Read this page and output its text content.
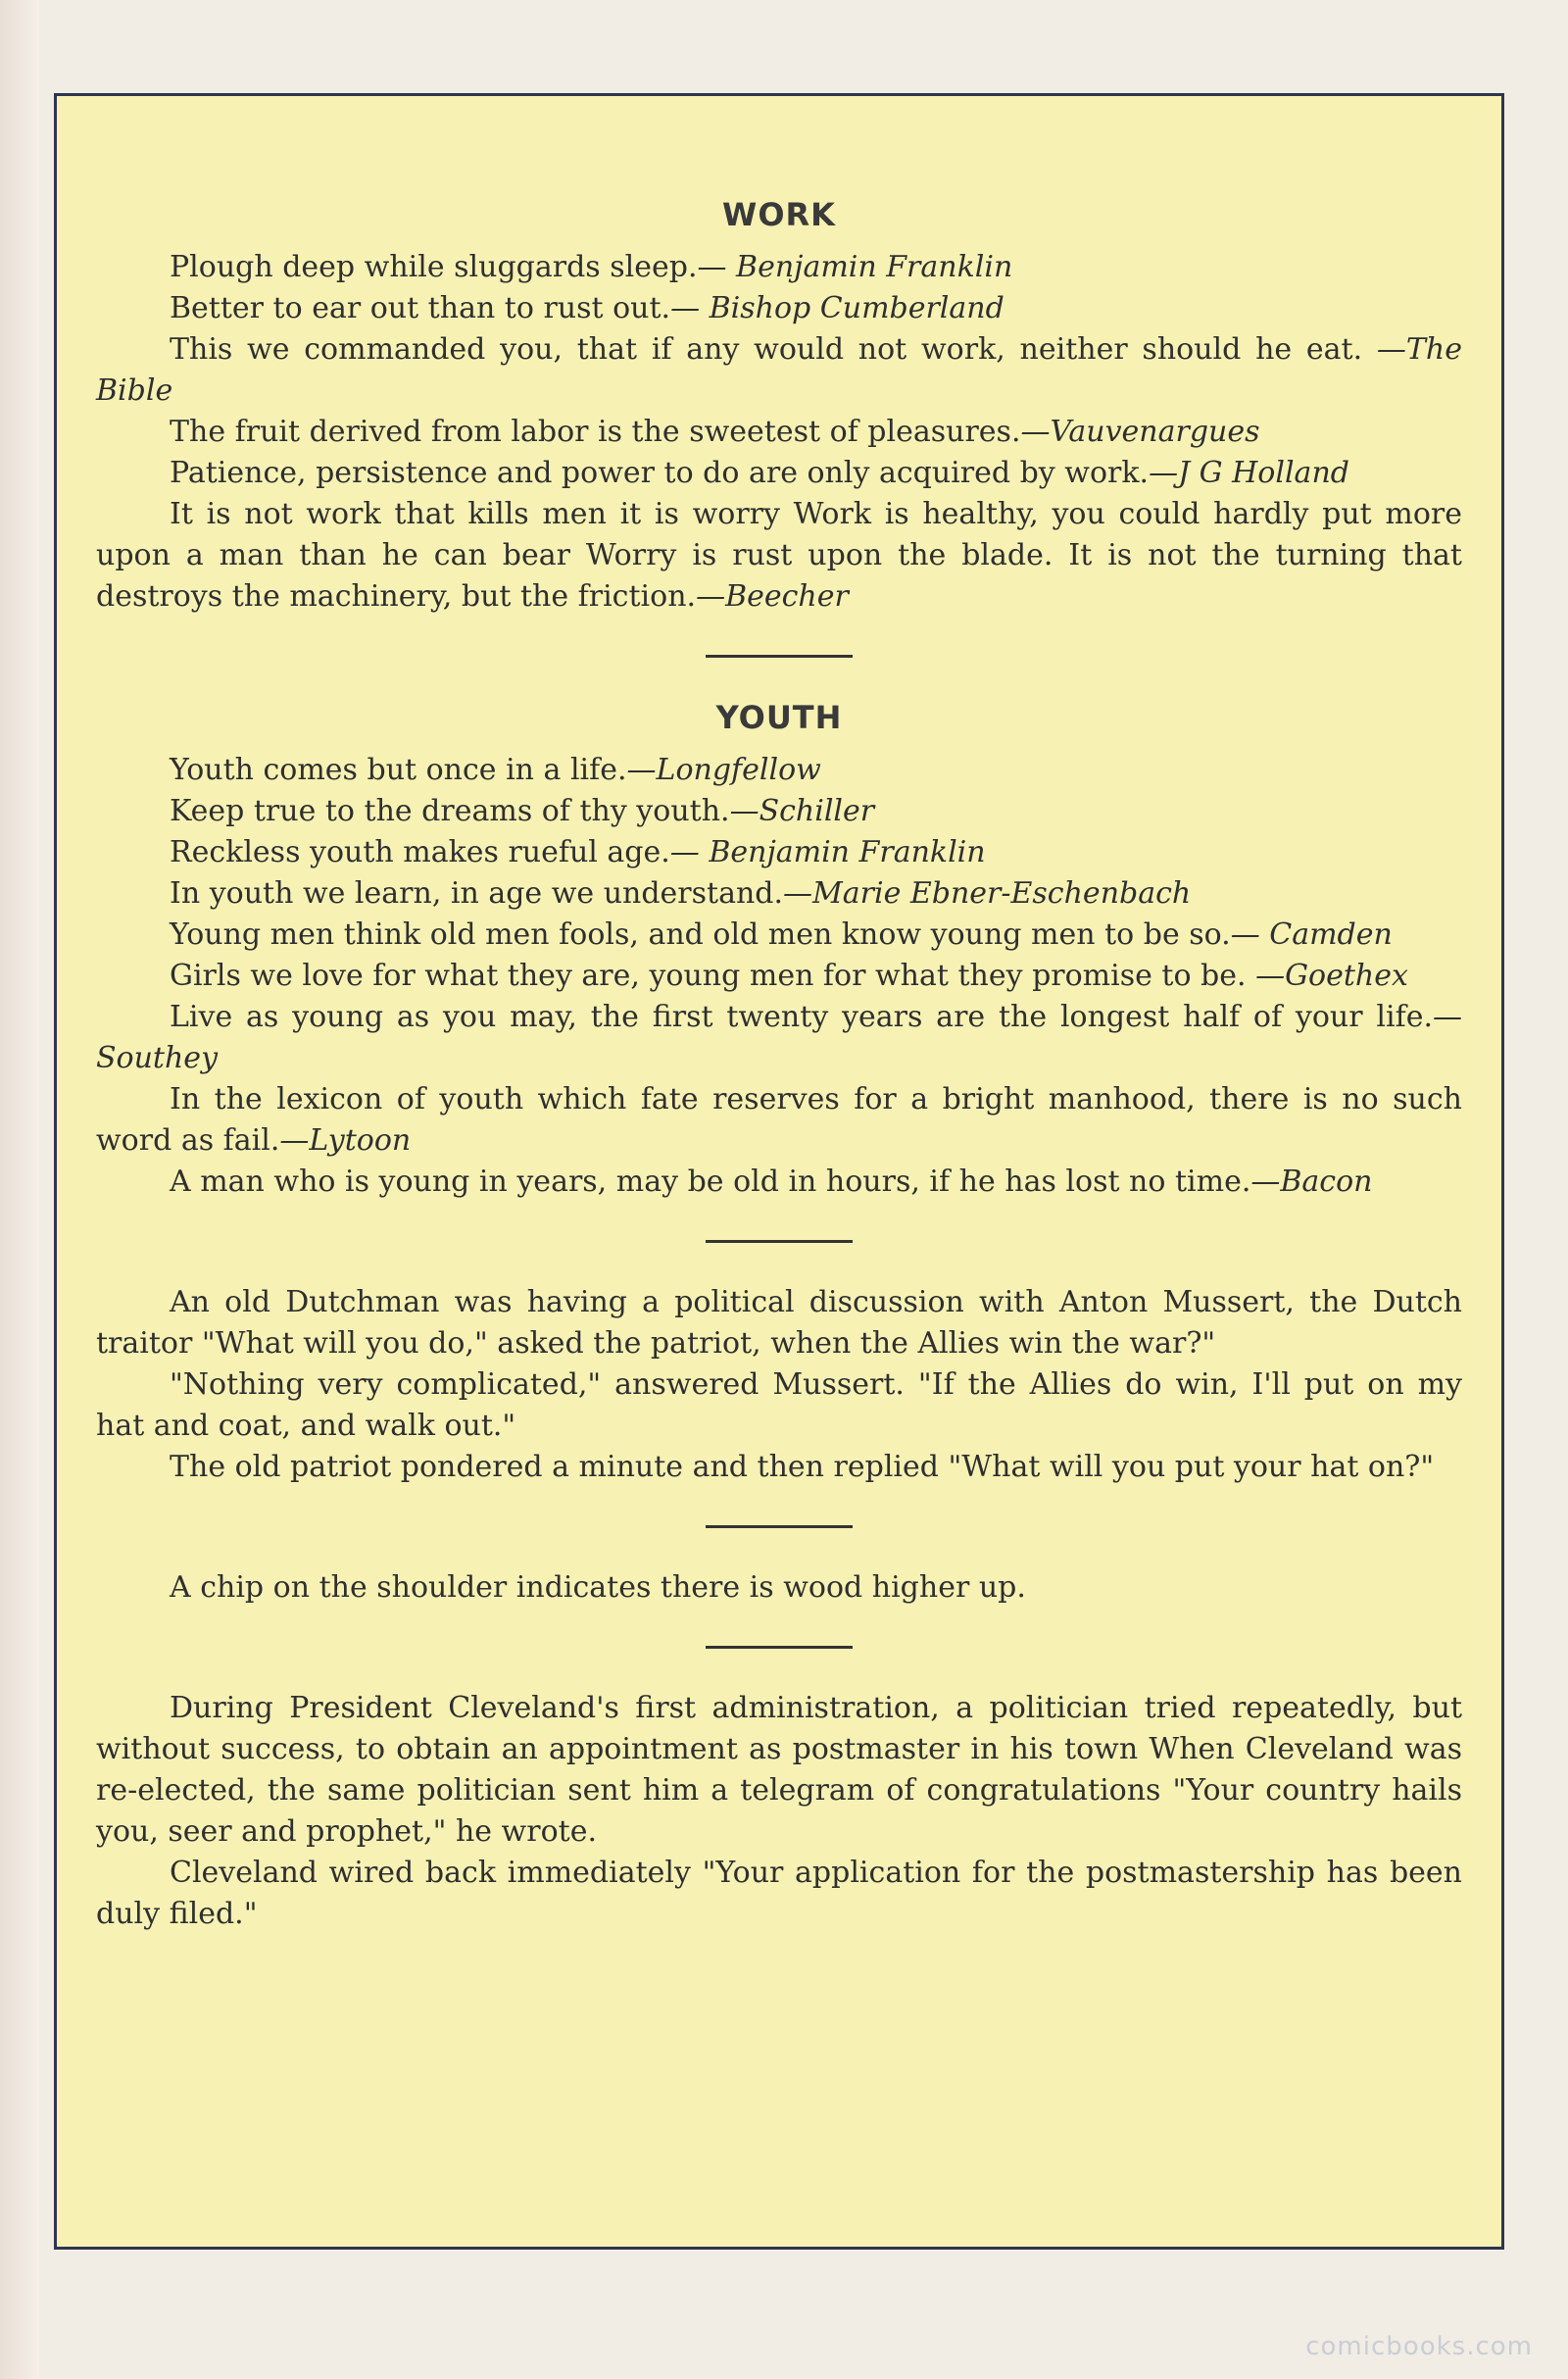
WORK

Plough deep while sluggards sleep.— Benjamin Franklin

Better to ear out than to rust out.— Bishop Cumberland

This we commanded you, that if any would not work, neither should he eat. —The Bible

The fruit derived from labor is the sweetest of pleasures.—Vauvenargues

Patience, persistence and power to do are only acquired by work.—J G Holland

It is not work that kills men it is worry Work is healthy, you could hardly put more upon a man than he can bear Worry is rust upon the blade. It is not the turning that destroys the machinery, but the friction.—Beecher

YOUTH

Youth comes but once in a life.—Longfellow

Keep true to the dreams of thy youth.—Schiller

Reckless youth makes rueful age.— Benjamin Franklin

In youth we learn, in age we understand.—Marie Ebner-Eschenbach

Young men think old men fools, and old men know young men to be so.— Camden

Girls we love for what they are, young men for what they promise to be. —Goethex

Live as young as you may, the first twenty years are the longest half of your life.—Southey

In the lexicon of youth which fate reserves for a bright manhood, there is no such word as fail.—Lytoon

A man who is young in years, may be old in hours, if he has lost no time.—Bacon

An old Dutchman was having a political discussion with Anton Mussert, the Dutch traitor "What will you do," asked the patriot, when the Allies win the war?"

"Nothing very complicated," answered Mussert. "If the Allies do win, I'll put on my hat and coat, and walk out."

The old patriot pondered a minute and then replied "What will you put your hat on?"

A chip on the shoulder indicates there is wood higher up.

During President Cleveland's first administration, a politician tried repeatedly, but without success, to obtain an appointment as postmaster in his town When Cleveland was re-elected, the same politician sent him a telegram of congratulations "Your country hails you, seer and prophet," he wrote.

Cleveland wired back immediately "Your application for the postmastership has been duly filed."

comicbooks.com
